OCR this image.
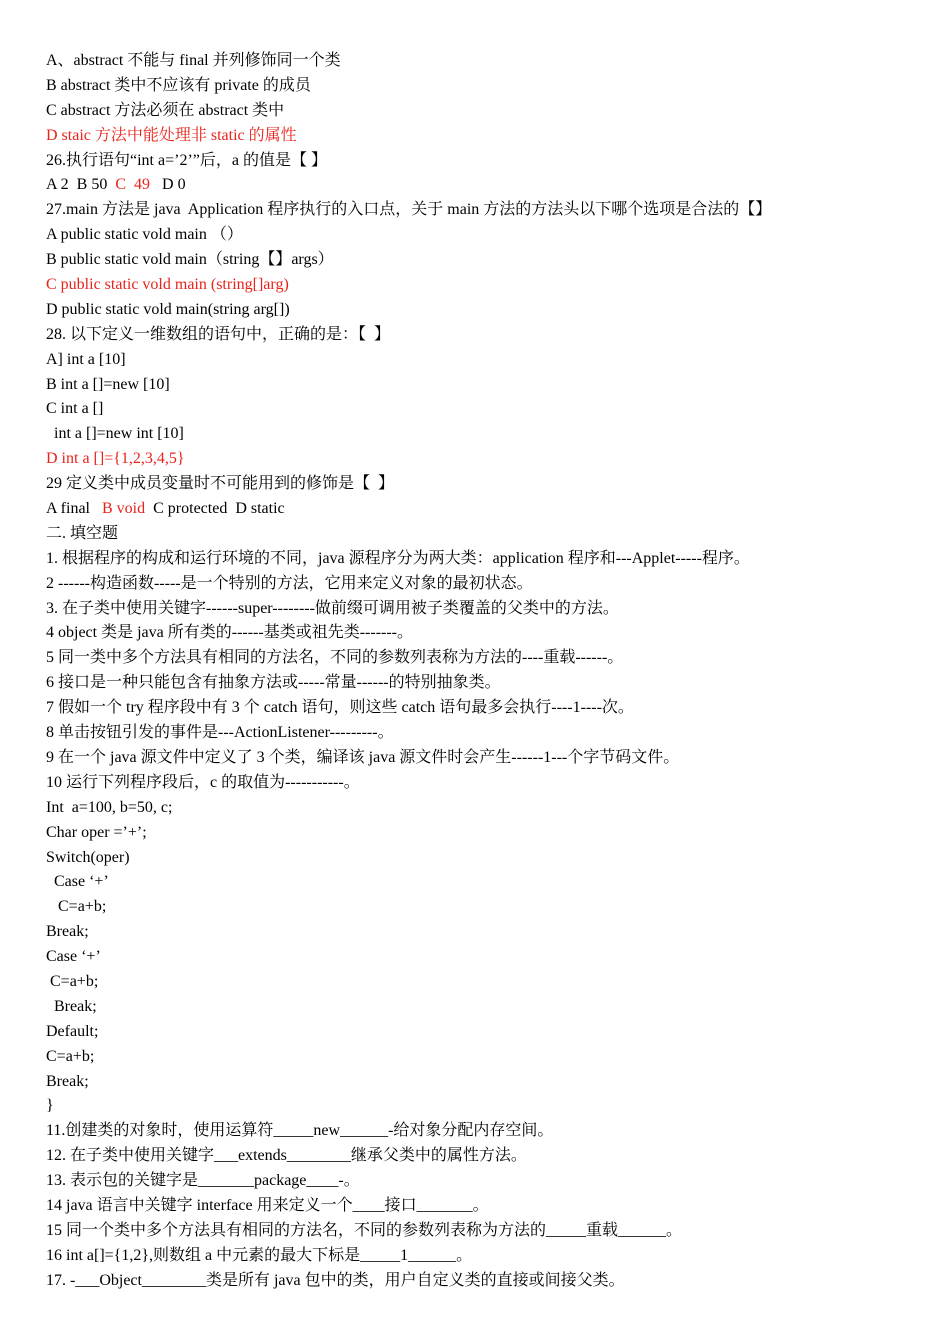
A、abstract 不能与 final 并列修饰同一个类
B abstract 类中不应该有 private 的成员
C abstract 方法必须在 abstract 类中
D staic 方法中能处理非 static 的属性
26.执行语句“int a=’2’”后，a 的值是【 】
A 2  B 50  C  49   D 0
27.main 方法是 java  Application 程序执行的入口点，关于 main 方法的方法头以下哪个选项是合法的【】
A public static vold main （）
B public static vold main（string【】args）
C public static vold main (string[]arg)
D public static vold main(string arg[])
28. 以下定义一维数组的语句中，正确的是：【  】
A] int a [10]
B int a []=new [10]
C int a []
int a []=new int [10]
D int a []={1,2,3,4,5}
29 定义类中成员变量时不可能用到的修饰是【  】
A final   B void  C protected  D static
二. 填空题
1. 根据程序的构成和运行环境的不同，java 源程序分为两大类：application 程序和---Applet-----程序。
2 ------构造函数-----是一个特别的方法，它用来定义对象的最初状态。
3. 在子类中使用关键字------super--------做前缀可调用被子类覆盖的父类中的方法。
4 object 类是 java 所有类的------基类或祖先类-------。
5 同一类中多个方法具有相同的方法名，不同的参数列表称为方法的----重载------。
6 接口是一种只能包含有抽象方法或-----常量------的特别抽象类。
7 假如一个 try 程序段中有 3 个 catch 语句，则这些 catch 语句最多会执行----1----次。
8 单击按钮引发的事件是---ActionListener---------。
9 在一个 java 源文件中定义了 3 个类，编译该 java 源文件时会产生------1---个字节码文件。
10 运行下列程序段后，c 的取值为-----------。
Int  a=100, b=50, c;
Char oper =’+’;
Switch(oper)
Case ‘+’
C=a+b;
Break;
Case ‘+’
C=a+b;
Break;
Default;
C=a+b;
Break;
}
11.创建类的对象时，使用运算符_____new______-给对象分配内存空间。
12. 在子类中使用关键字___extends________继承父类中的属性方法。
13. 表示包的关键字是_______package____-。
14 java 语言中关键字 interface 用来定义一个____接口_______。
15 同一个类中多个方法具有相同的方法名，不同的参数列表称为方法的_____重载______。
16 int a[]={1,2},则数组 a 中元素的最大下标是_____1______。
17. -___Object________类是所有 java 包中的类，用户自定义类的直接或间接父类。
